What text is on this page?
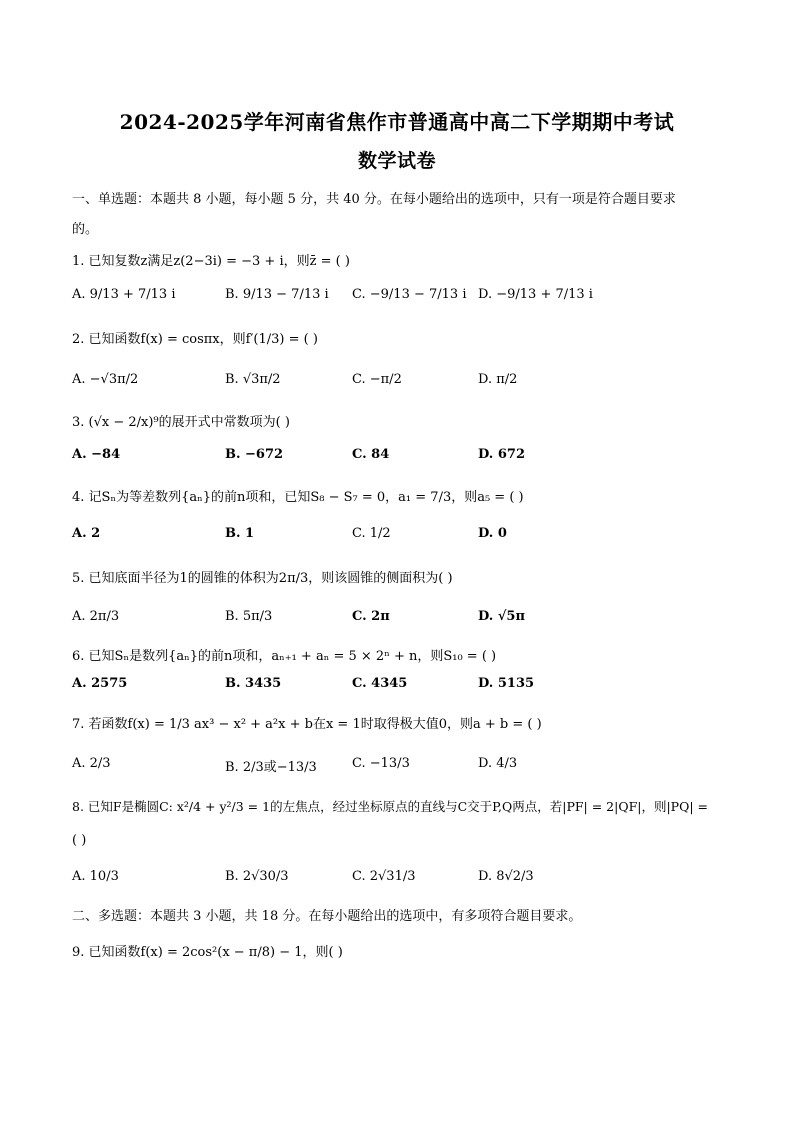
2024-2025学年河南省焦作市普通高中高二下学期期中考试
数学试卷
一、单选题：本题共 8 小题，每小题 5 分，共 40 分。在每小题给出的选项中，只有一项是符合题目要求
的。
1. 已知复数z满足z(2−3i) = −3 + i，则z̄ = ( )
A. 9/13 + 7/13 i	B. 9/13 − 7/13 i C. −9/13 − 7/13 i D. −9/13 + 7/13 i
2. 已知函数f(x) = cosπx，则f′(1/3) = ( )
A. −√3π/2	B. √3π/2	C. −π/2	D. π/2
3. (√x − 2/x)⁹的展开式中常数项为( )
A. −84	B. −672	C. 84	D. 672
4. 记Sₙ为等差数列{aₙ}的前n项和，已知S₈ − S₇ = 0，a₁ = 7/3，则a₅ = ( )
A. 2	B. 1	C. 1/2	D. 0
5. 已知底面半径为1的圆锥的体积为2π/3，则该圆锥的侧面积为( )
A. 2π/3	B. 5π/3	C. 2π	D. √5π
6. 已知Sₙ是数列{aₙ}的前n项和，aₙ₊₁ + aₙ = 5 × 2ⁿ + n，则S₁₀ = ( )
A. 2575	B. 3435	C. 4345	D. 5135
7. 若函数f(x) = 1/3 ax³ − x² + a²x + b在x = 1时取得极大值0，则a + b = ( )
A. 2/3	B. 2/3或−13/3	C. −13/3	D. 4/3
8. 已知F是椭圆C: x²/4 + y²/3 = 1的左焦点，经过坐标原点的直线与C交于P,Q两点，若|PF| = 2|QF|，则|PQ| =
( )
A. 10/3	B. 2√30/3	C. 2√31/3	D. 8√2/3
二、多选题：本题共 3 小题，共 18 分。在每小题给出的选项中，有多项符合题目要求。
9. 已知函数f(x) = 2cos²(x − π/8) − 1，则( )
